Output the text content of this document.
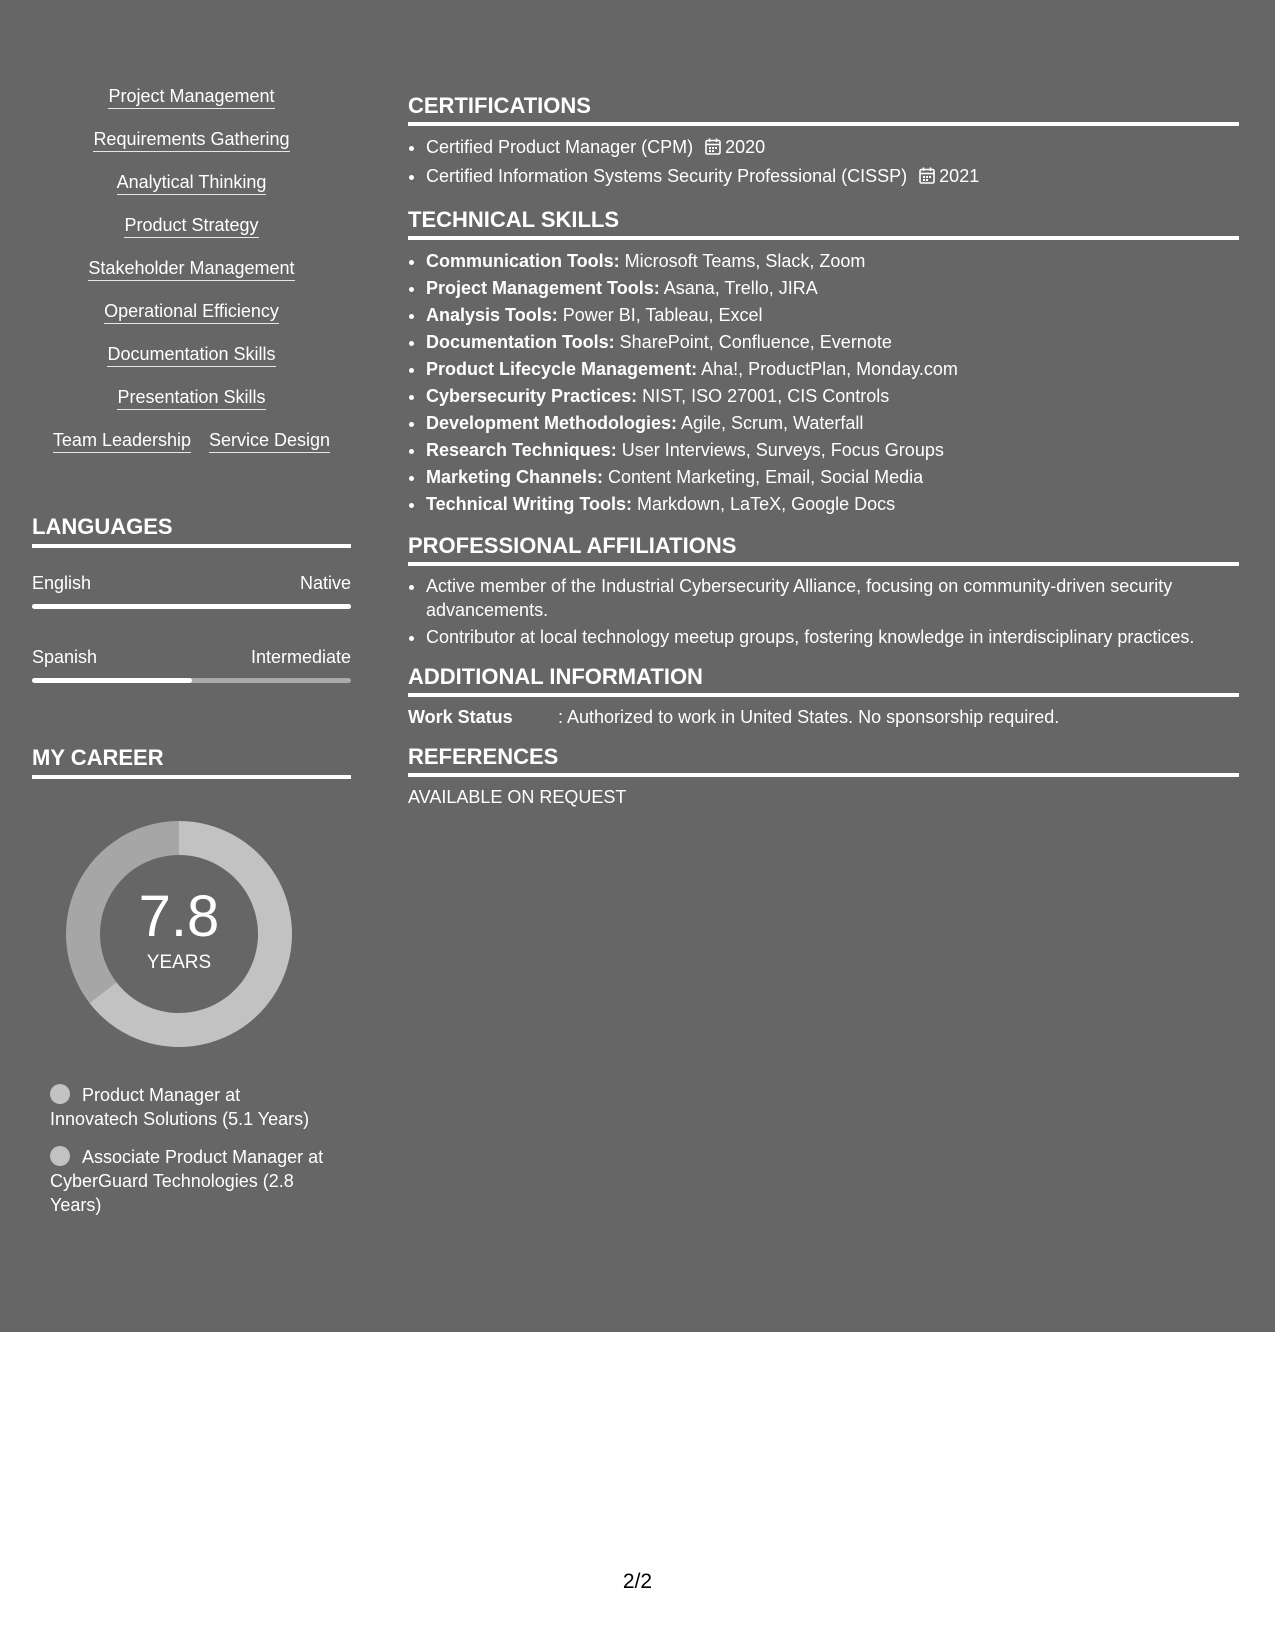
Project Management
Requirements Gathering
Analytical Thinking
Product Strategy
Stakeholder Management
Operational Efficiency
Documentation Skills
Presentation Skills
Team Leadership Service Design
LANGUAGES
English	Native
Spanish	Intermediate
MY CAREER
7.8
YEARS
Product Manager at Innovatech Solutions (5.1 Years)
Associate Product Manager at CyberGuard Technologies (2.8 Years)
CERTIFICATIONS
• Certified Product Manager (CPM) 2020
• Certified Information Systems Security Professional (CISSP) 2021
TECHNICAL SKILLS
• Communication Tools: Microsoft Teams, Slack, Zoom
• Project Management Tools: Asana, Trello, JIRA
• Analysis Tools: Power BI, Tableau, Excel
• Documentation Tools: SharePoint, Confluence, Evernote
• Product Lifecycle Management: Aha!, ProductPlan, Monday.com
• Cybersecurity Practices: NIST, ISO 27001, CIS Controls
• Development Methodologies: Agile, Scrum, Waterfall
• Research Techniques: User Interviews, Surveys, Focus Groups
• Marketing Channels: Content Marketing, Email, Social Media
• Technical Writing Tools: Markdown, LaTeX, Google Docs
PROFESSIONAL AFFILIATIONS
• Active member of the Industrial Cybersecurity Alliance, focusing on community-driven security advancements.
• Contributor at local technology meetup groups, fostering knowledge in interdisciplinary practices.
ADDITIONAL INFORMATION
Work Status	: Authorized to work in United States. No sponsorship required.
REFERENCES
AVAILABLE ON REQUEST
2/2
